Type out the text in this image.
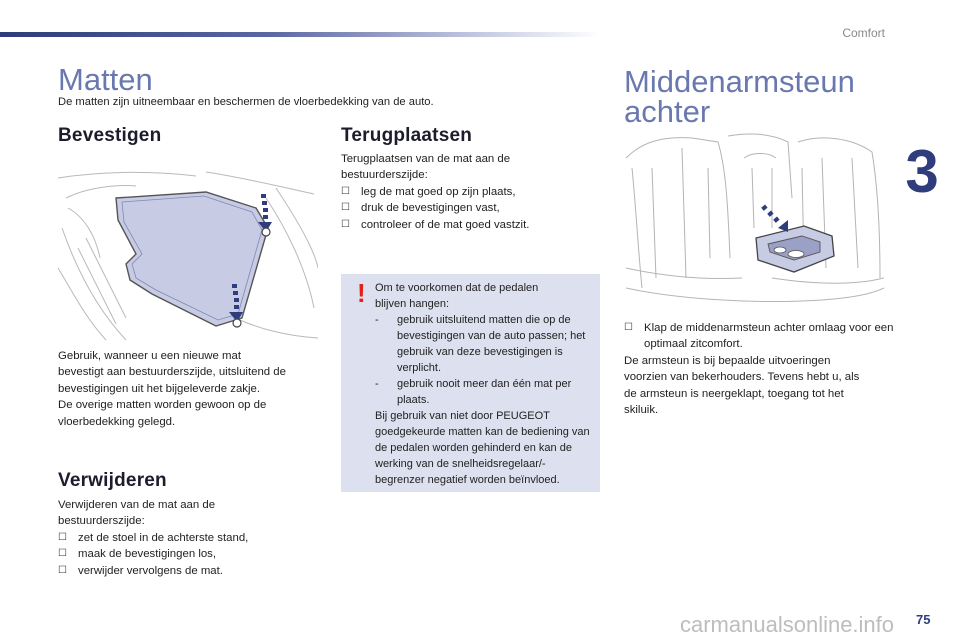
Comfort
3
Matten
De matten zijn uitneembaar en beschermen de vloerbedekking van de auto.
Bevestigen

Gebruik, wanneer u een nieuwe mat

bevestigt aan bestuurderszijde, uitsluitend de

bevestigingen uit het bijgeleverde zakje.

De overige matten worden gewoon op de

vloerbedekking gelegd.

Verwijderen

Verwijderen van de mat aan de

bestuurderszijde:

☐ zet de stoel in de achterste stand,

☐ maak de bevestigingen los,

☐ verwijder vervolgens de mat.

Terugplaatsen

Terugplaatsen van de mat aan de

bestuurderszijde:

☐ leg de mat goed op zijn plaats,

☐ druk de bevestigingen vast,

☐ controleer of de mat goed vastzit.

! Om te voorkomen dat de pedalen

blijven hangen:

- gebruik uitsluitend matten die op de bevestigingen van de auto passen; het gebruik van deze bevestigingen is verplicht.

- gebruik nooit meer dan één mat per plaats.

Bij gebruik van niet door PEUGEOT goedgekeurde matten kan de bediening van de pedalen worden gehinderd en kan de werking van de snelheidsregelaar/-begrenzer negatief worden beïnvloed.

Middenarmsteun
achter

☐ Klap de middenarmsteun achter omlaag voor een optimaal zitcomfort.

De armsteun is bij bepaalde uitvoeringen

voorzien van bekerhouders. Tevens hebt u, als

de armsteun is neergeklapt, toegang tot het

skiluik.

carmanualsonline.info 75
